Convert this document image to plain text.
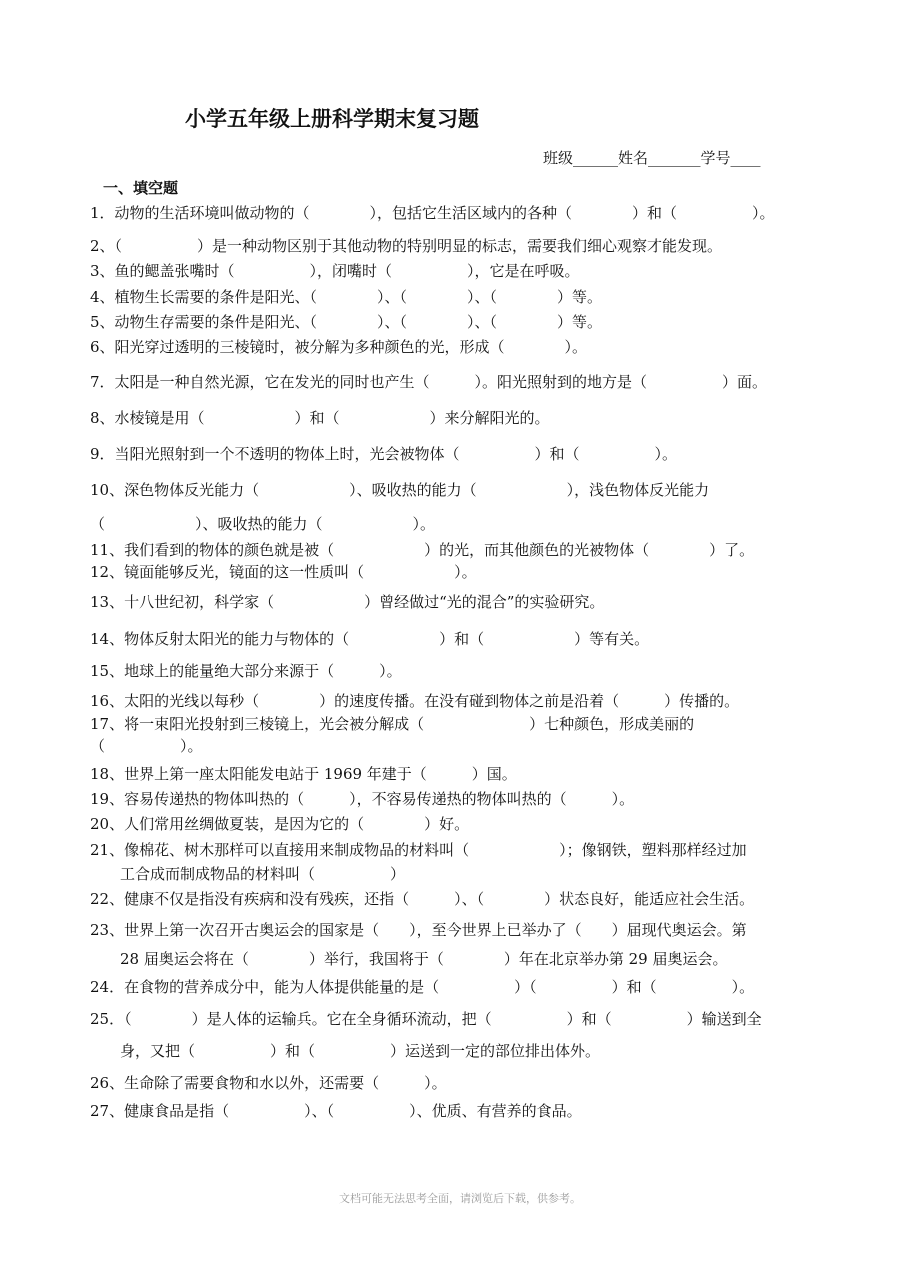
小学五年级上册科学期末复习题
班级______姓名_______学号____
一、填空题
1．动物的生活环境叫做动物的（　　　　），包括它生活区域内的各种（　　　　）和（　　　　　）。
2、（　　　　　）是一种动物区别于其他动物的特别明显的标志，需要我们细心观察才能发现。
3、鱼的鳃盖张嘴时（　　　　　），闭嘴时（　　　　　），它是在呼吸。
4、植物生长需要的条件是阳光、（　　　　）、（　　　　）、（　　　　）等。
5、动物生存需要的条件是阳光、（　　　　）、（　　　　）、（　　　　）等。
6、阳光穿过透明的三棱镜时，被分解为多种颜色的光，形成（　　　　）。
7．太阳是一种自然光源，它在发光的同时也产生（　　　）。阳光照射到的地方是（　　　　　）面。
8、水棱镜是用（　　　　　　）和（　　　　　　）来分解阳光的。
9．当阳光照射到一个不透明的物体上时，光会被物体（　　　　　）和（　　　　　）。
10、深色物体反光能力（　　　　　　）、吸收热的能力（　　　　　　），浅色物体反光能力
（　　　　　　）、吸收热的能力（　　　　　　）。
11、我们看到的物体的颜色就是被（　　　　　　）的光，而其他颜色的光被物体（　　　　）了。
12、镜面能够反光，镜面的这一性质叫（　　　　　　）。
13、十八世纪初，科学家（　　　　　　）曾经做过“光的混合”的实验研究。
14、物体反射太阳光的能力与物体的（　　　　　　）和（　　　　　　）等有关。
15、地球上的能量绝大部分来源于（　　　）。
16、太阳的光线以每秒（　　　　）的速度传播。在没有碰到物体之前是沿着（　　　）传播的。
17、将一束阳光投射到三棱镜上，光会被分解成（　　　　　　　）七种颜色，形成美丽的
（　　　　　）。
18、世界上第一座太阳能发电站于 1969 年建于（　　　）国。
19、容易传递热的物体叫热的（　　　），不容易传递热的物体叫热的（　　　）。
20、人们常用丝绸做夏装，是因为它的（　　　　）好。
21、像棉花、树木那样可以直接用来制成物品的材料叫（　　　　　　）；像钢铁，塑料那样经过加
工合成而制成物品的材料叫（　　　　　）
22、健康不仅是指没有疾病和没有残疾，还指（　　　）、（　　　　）状态良好，能适应社会生活。
23、世界上第一次召开古奥运会的国家是（　　），至今世界上已举办了（　　）届现代奥运会。第
28 届奥运会将在（　　　　）举行，我国将于（　　　　）年在北京举办第 29 届奥运会。
24．在食物的营养成分中，能为人体提供能量的是（　　　　　）（　　　　　）和（　　　　　）。
25．（　　　　）是人体的运输兵。它在全身循环流动，把（　　　　　）和（　　　　　）输送到全
身，又把（　　　　　）和（　　　　　）运送到一定的部位排出体外。
26、生命除了需要食物和水以外，还需要（　　　）。
27、健康食品是指（　　　　　）、（　　　　　）、优质、有营养的食品。
文档可能无法思考全面，请浏览后下载，供参考。
